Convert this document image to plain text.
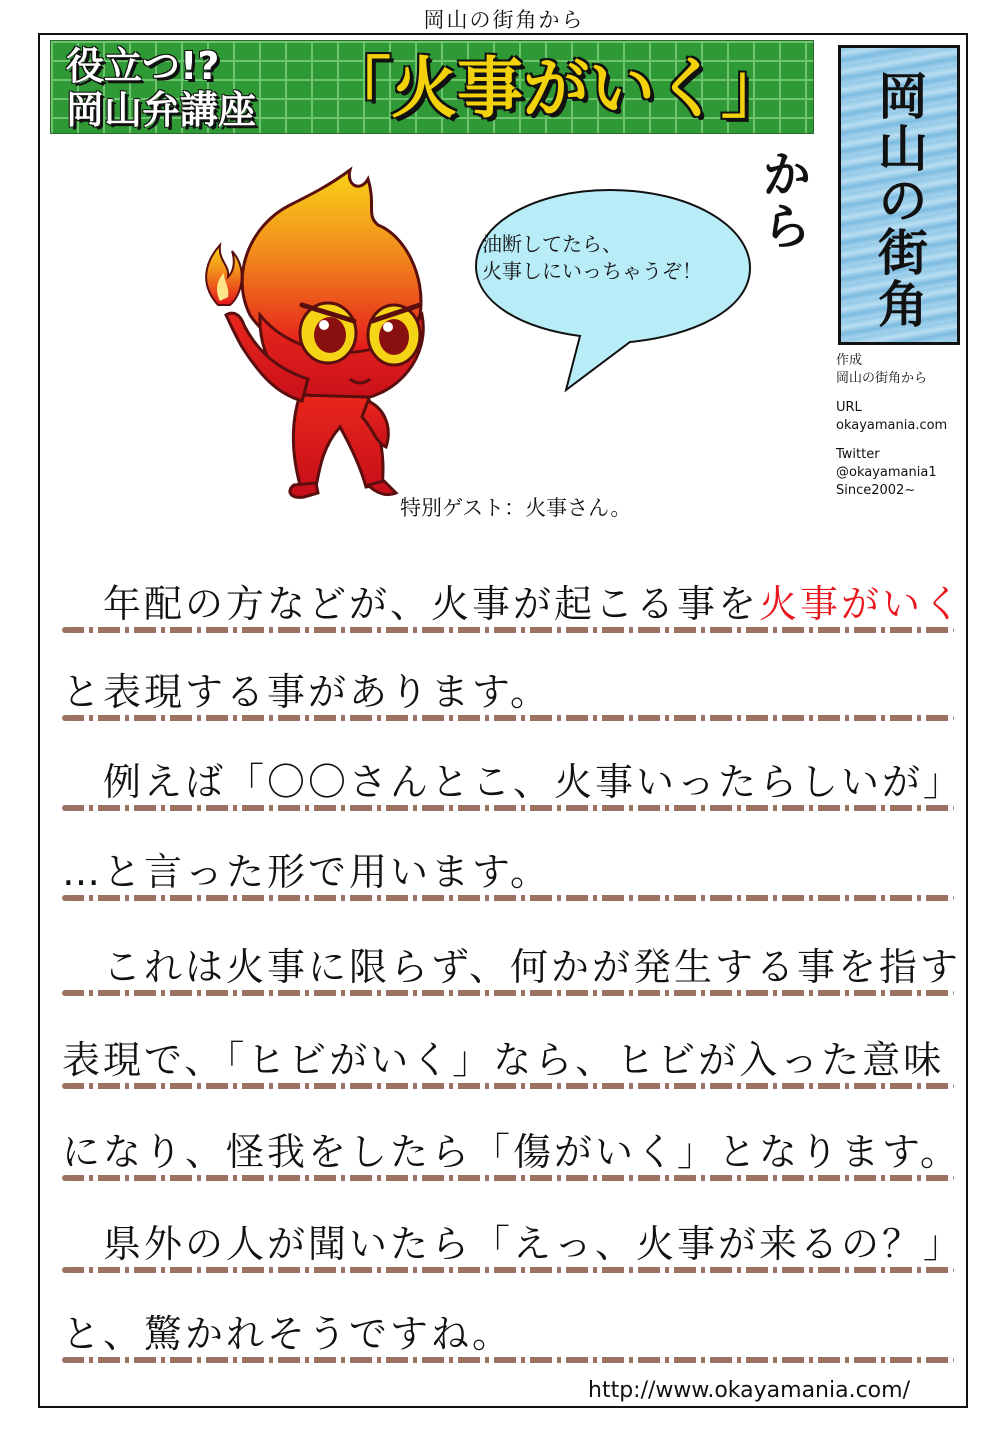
岡山の街角から
役立つ!?
岡山弁講座 「火事がいく」	岡山の街角から
作成
岡山の街角から
URL
okayamania.com
Twitter
@okayamania1
Since2002~
油断してたら、
火事しにいっちゃうぞ！
特別ゲスト：火事さん。
　年配の方などが、火事が起こる事を火事がいく
と表現する事があります。
　例えば「〇〇さんとこ、火事いったらしいが」
…と言った形で用います。
　これは火事に限らず、何かが発生する事を指す
表現で、「ヒビがいく」なら、ヒビが入った意味
になり、怪我をしたら「傷がいく」となります。
　県外の人が聞いたら「えっ、火事が来るの？」
と、驚かれそうですね。
http://www.okayamania.com/
